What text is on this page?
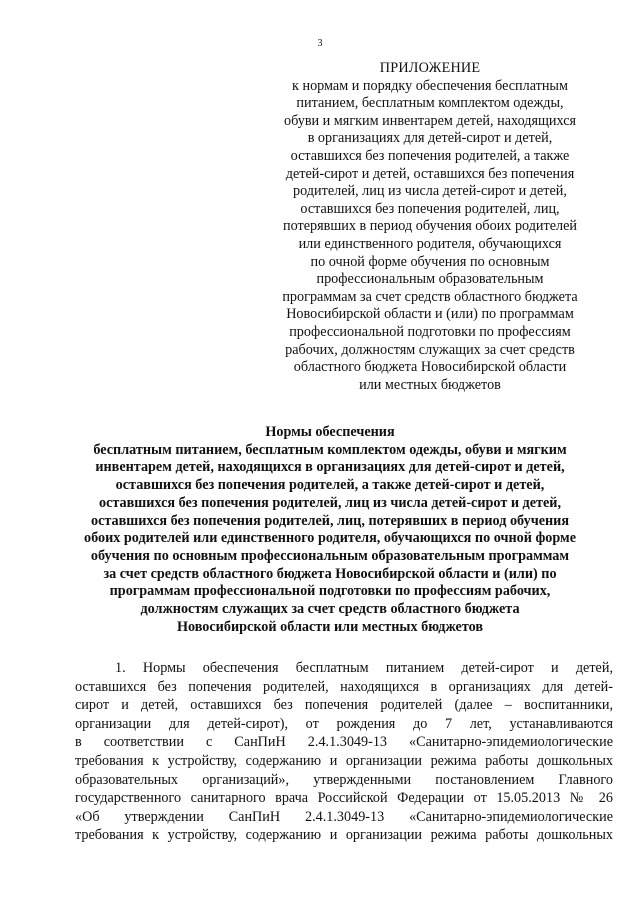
3
ПРИЛОЖЕНИЕ
к нормам и порядку обеспечения бесплатным
питанием, бесплатным комплектом одежды,
обуви и мягким инвентарем детей, находящихся
в организациях для детей-сирот и детей,
оставшихся без попечения родителей, а также
детей-сирот и детей, оставшихся без попечения
родителей, лиц из числа детей-сирот и детей,
оставшихся без попечения родителей, лиц,
потерявших в период обучения обоих родителей
или единственного родителя, обучающихся
по очной форме обучения по основным
профессиональным образовательным
программам за счет средств областного бюджета
Новосибирской области и (или) по программам
профессиональной подготовки по профессиям
рабочих, должностям служащих за счет средств
областного бюджета Новосибирской области
или местных бюджетов
Нормы обеспечения
бесплатным питанием, бесплатным комплектом одежды, обуви и мягким
инвентарем детей, находящихся в организациях для детей-сирот и детей,
оставшихся без попечения родителей, а также детей-сирот и детей,
оставшихся без попечения родителей, лиц из числа детей-сирот и детей,
оставшихся без попечения родителей, лиц, потерявших в период обучения
обоих родителей или единственного родителя, обучающихся по очной форме
обучения по основным профессиональным образовательным программам
за счет средств областного бюджета Новосибирской области и (или) по
программам профессиональной подготовки по профессиям рабочих,
должностям служащих за счет средств областного бюджета
Новосибирской области или местных бюджетов
1. Нормы обеспечения бесплатным питанием детей-сирот и детей,
оставшихся без попечения родителей, находящихся в организациях для детей-
сирот и детей, оставшихся без попечения родителей (далее – воспитанники,
организации для детей-сирот), от рождения до 7 лет, устанавливаются
в соответствии с СанПиН 2.4.1.3049-13 «Санитарно-эпидемиологические
требования к устройству, содержанию и организации режима работы дошкольных
образовательных организаций», утвержденными постановлением Главного
государственного санитарного врача Российской Федерации от 15.05.2013 № 26
«Об утверждении СанПиН 2.4.1.3049-13 «Санитарно-эпидемиологические
требования к устройству, содержанию и организации режима работы дошкольных
